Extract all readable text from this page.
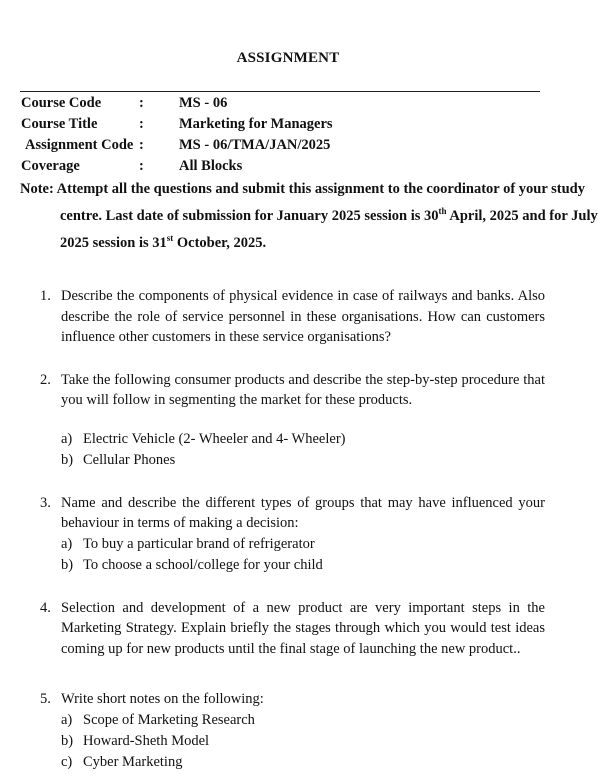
ASSIGNMENT
Course Code	: MS - 06
Course Title	: Marketing for Managers
Assignment Code : MS - 06/TMA/JAN/2025
Coverage	: All Blocks
Note: Attempt all the questions and submit this assignment to the coordinator of your study
centre. Last date of submission for January 2025 session is 30th April, 2025 and for July
2025 session is 31st October, 2025.
1. Describe the components of physical evidence in case of railways and banks. Also describe the role of service personnel in these organisations. How can customers influence other customers in these service organisations?
2. Take the following consumer products and describe the step-by-step procedure that you will follow in segmenting the market for these products.
a) Electric Vehicle (2- Wheeler and 4- Wheeler)
b) Cellular Phones
3. Name and describe the different types of groups that may have influenced your behaviour in terms of making a decision:
a) To buy a particular brand of refrigerator
b) To choose a school/college for your child
4. Selection and development of a new product are very important steps in the Marketing Strategy. Explain briefly the stages through which you would test ideas coming up for new products until the final stage of launching the new product..
5. Write short notes on the following:
a) Scope of Marketing Research
b) Howard-Sheth Model
c) Cyber Marketing
